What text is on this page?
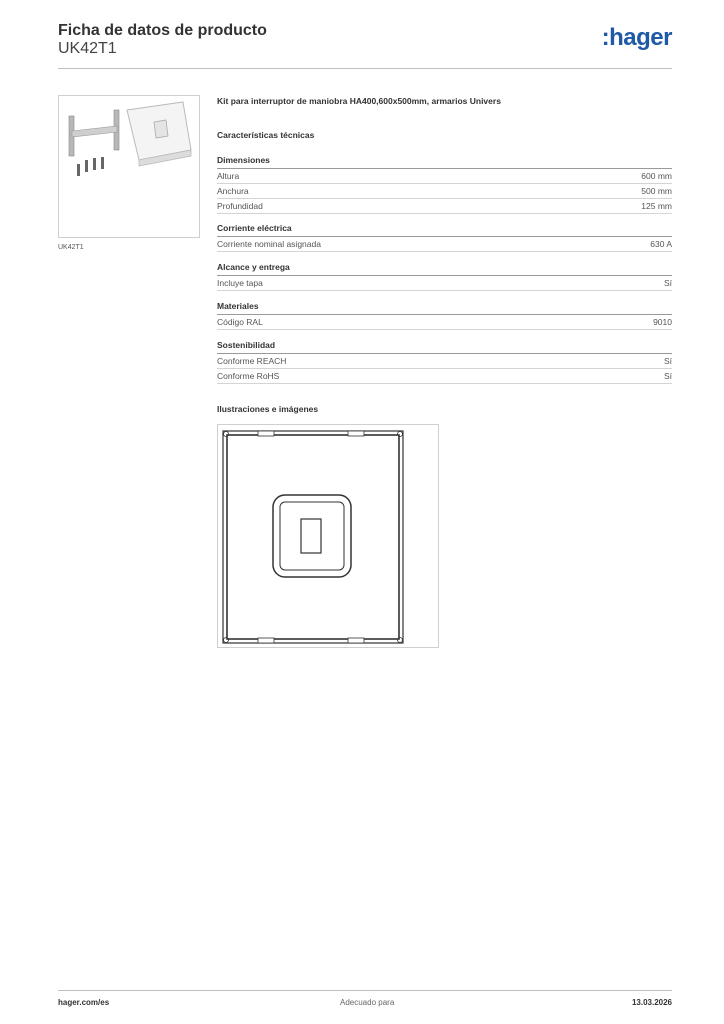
Ficha de datos de producto
UK42T1	:hager
UK42T1
Kit para interruptor de maniobra HA400,600x500mm, armarios Univers
Características técnicas
Dimensiones
Altura	600 mm
Anchura	500 mm
Profundidad	125 mm
Corriente eléctrica
Corriente nominal asignada	630 A
Alcance y entrega
Incluye tapa	Sí
Materiales
Código RAL	9010
Sostenibilidad
Conforme REACH	Sí
Conforme RoHS	Sí
Ilustraciones e imágenes
hager.com/es	Adecuado para	13.03.2026
